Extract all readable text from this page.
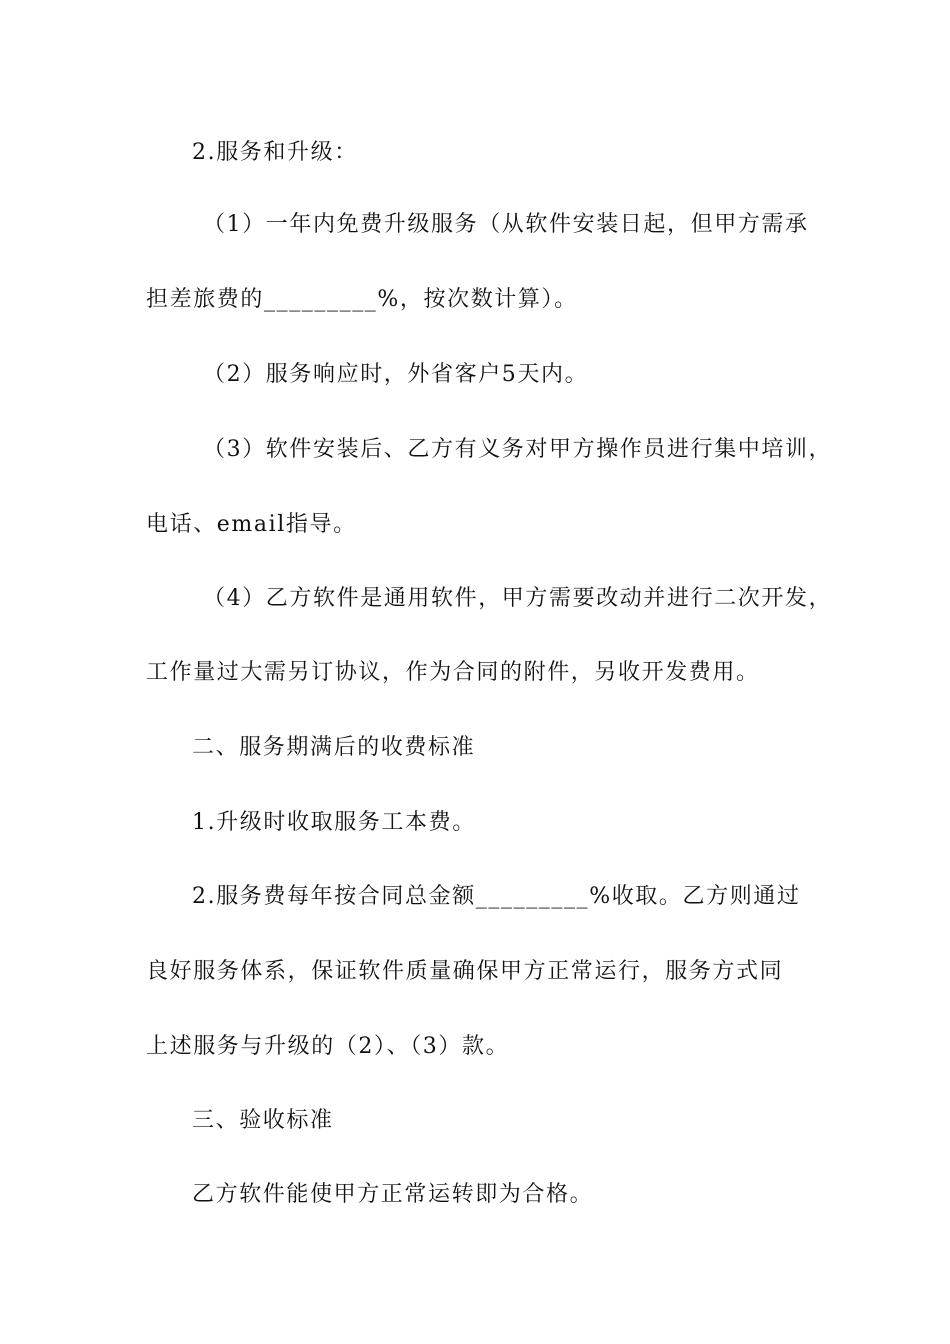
2.服务和升级：
（1）一年内免费升级服务（从软件安装日起，但甲方需承
担差旅费的_________%，按次数计算）。
（2）服务响应时，外省客户5天内。
（3）软件安装后、乙方有义务对甲方操作员进行集中培训，
电话、email指导。
（4）乙方软件是通用软件，甲方需要改动并进行二次开发，
工作量过大需另订协议，作为合同的附件，另收开发费用。
二、服务期满后的收费标准
1.升级时收取服务工本费。
2.服务费每年按合同总金额_________%收取。乙方则通过
良好服务体系，保证软件质量确保甲方正常运行，服务方式同
上述服务与升级的（2）、（3）款。
三、验收标准
乙方软件能使甲方正常运转即为合格。
